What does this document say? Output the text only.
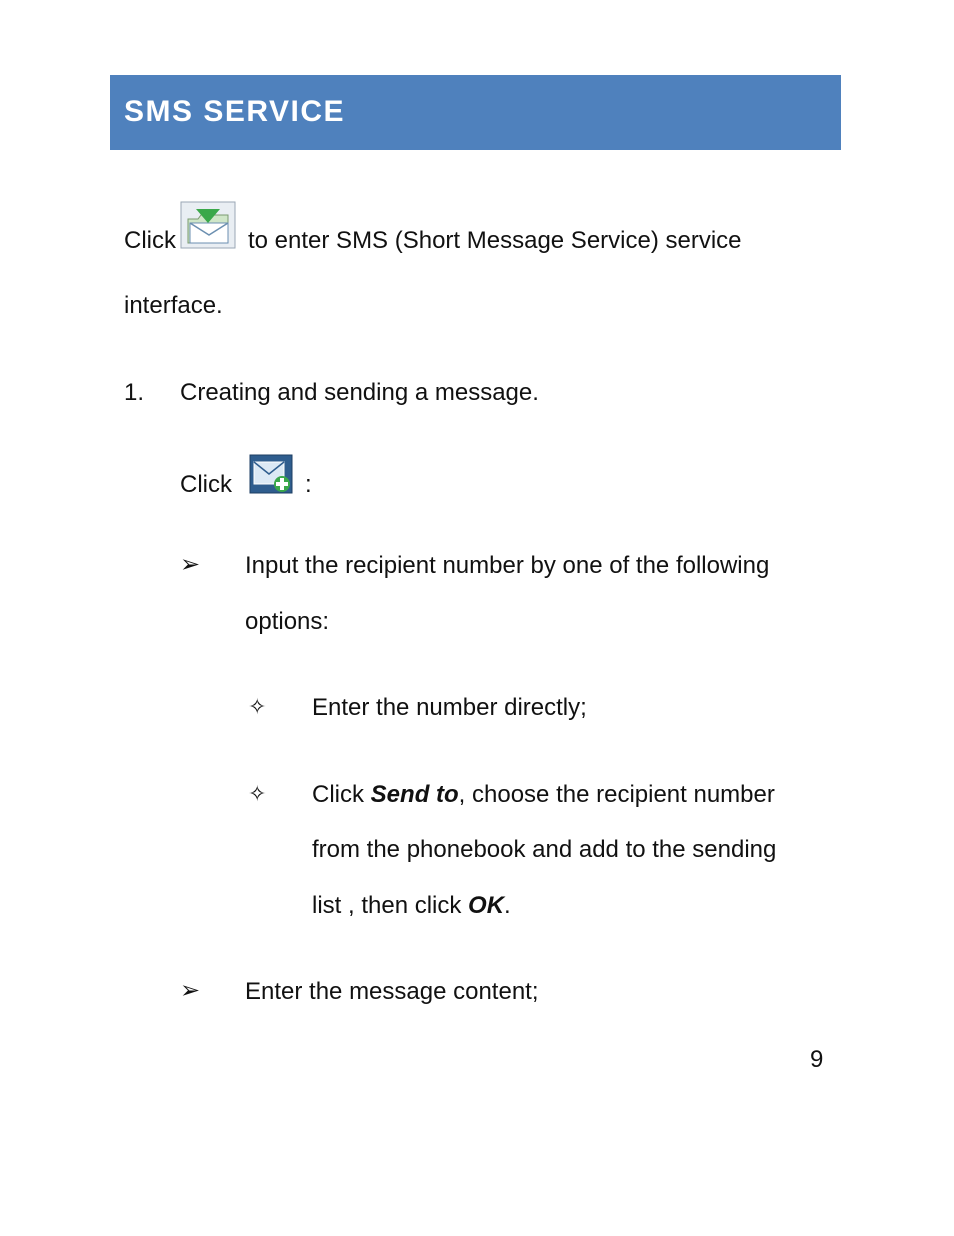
SMS SERVICE
Click	to enter SMS (Short Message Service) service
interface.
1. Creating and sending a message.
Click	:
➢ Input the recipient number by one of the following
options:
✧ Enter the number directly;
✧ Click Send to, choose the recipient number
from the phonebook and add to the sending
list , then click OK.
➢ Enter the message content;
9
